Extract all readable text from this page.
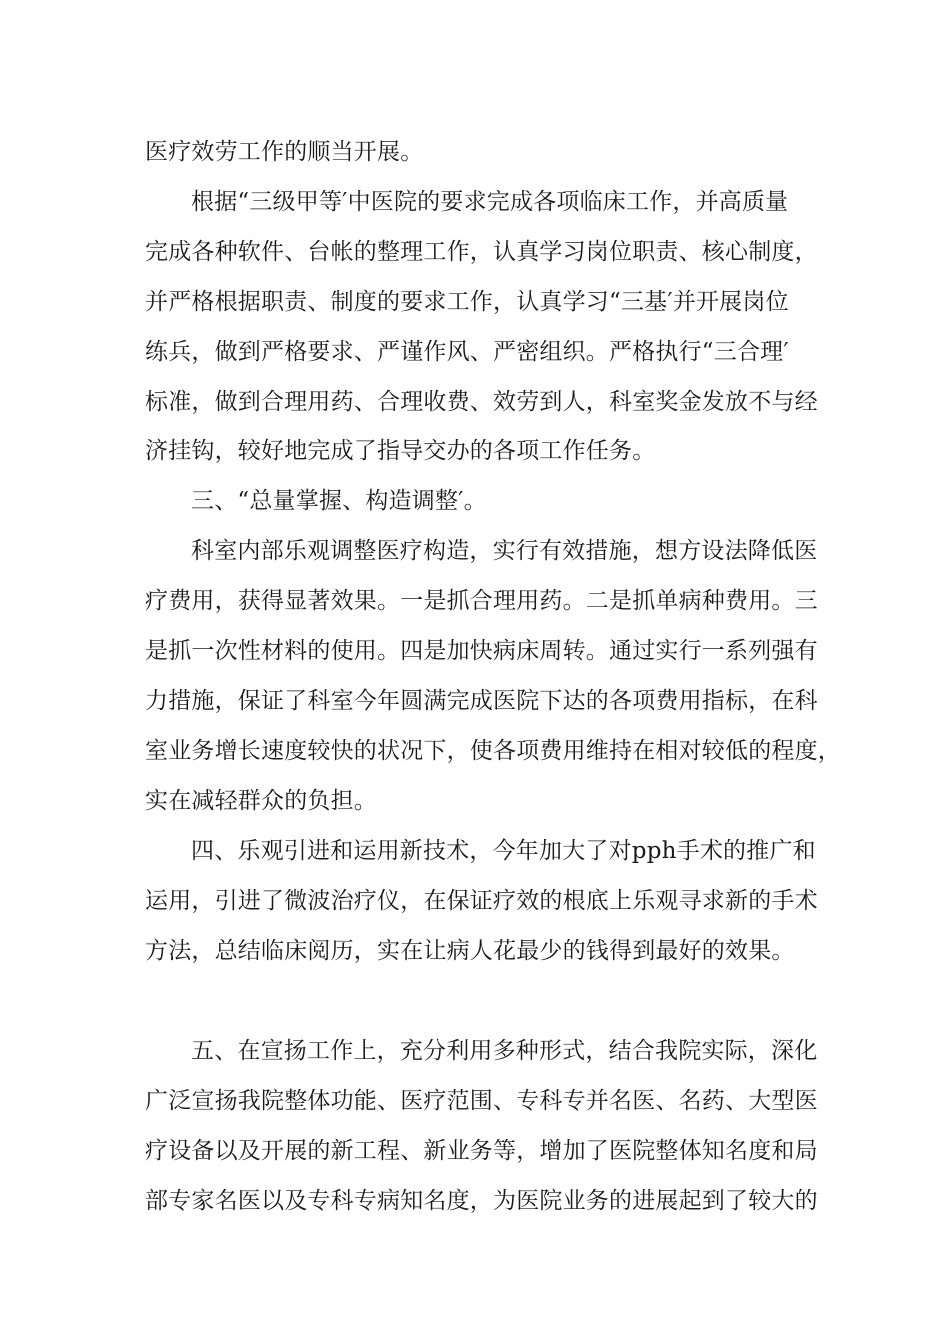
医疗效劳工作的顺当开展。
根据“三级甲等′中医院的要求完成各项临床工作，并高质量
完成各种软件、台帐的整理工作，认真学习岗位职责、核心制度，
并严格根据职责、制度的要求工作，认真学习“三基′并开展岗位
练兵，做到严格要求、严谨作风、严密组织。严格执行“三合理′
标准，做到合理用药、合理收费、效劳到人，科室奖金发放不与经
济挂钩，较好地完成了指导交办的各项工作任务。
三、“总量掌握、构造调整′。
科室内部乐观调整医疗构造，实行有效措施，想方设法降低医
疗费用，获得显著效果。一是抓合理用药。二是抓单病种费用。三
是抓一次性材料的使用。四是加快病床周转。通过实行一系列强有
力措施，保证了科室今年圆满完成医院下达的各项费用指标，在科
室业务增长速度较快的状况下，使各项费用维持在相对较低的程度，
实在减轻群众的负担。
四、乐观引进和运用新技术，今年加大了对pph手术的推广和
运用，引进了微波治疗仪，在保证疗效的根底上乐观寻求新的手术
方法，总结临床阅历，实在让病人花最少的钱得到最好的效果。
五、在宣扬工作上，充分利用多种形式，结合我院实际，深化
广泛宣扬我院整体功能、医疗范围、专科专并名医、名药、大型医
疗设备以及开展的新工程、新业务等，增加了医院整体知名度和局
部专家名医以及专科专病知名度，为医院业务的进展起到了较大的
